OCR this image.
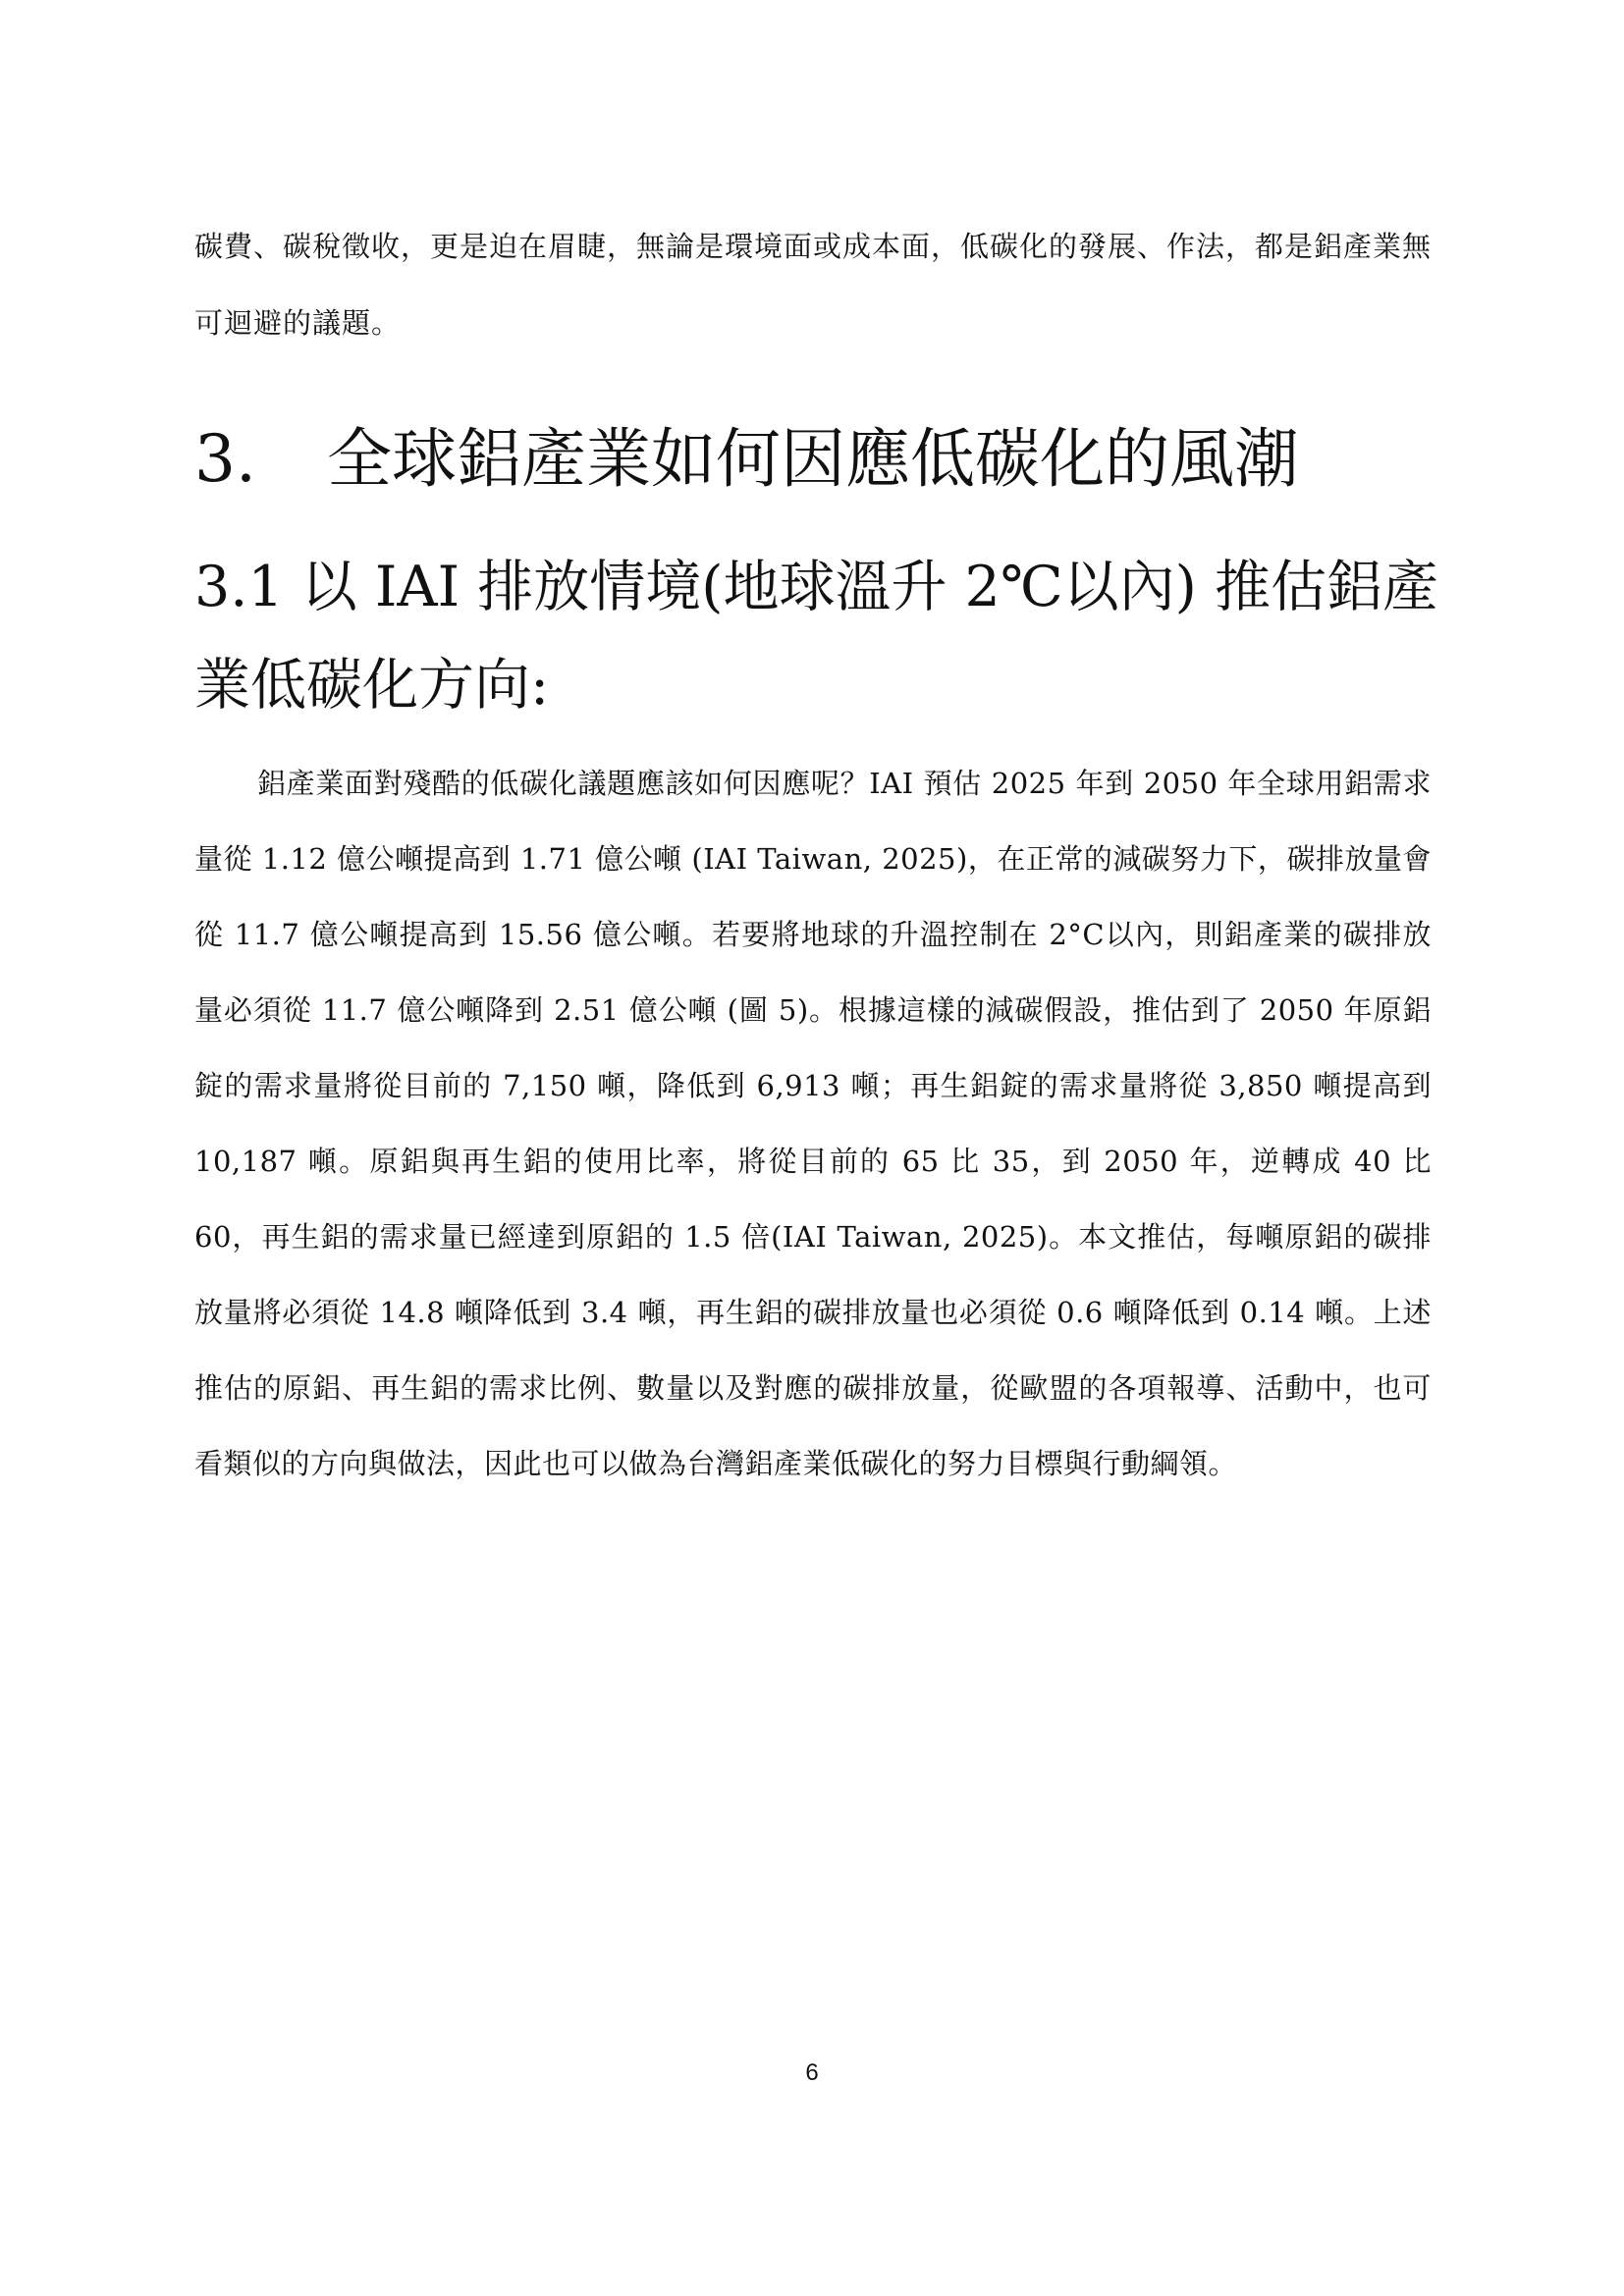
碳費、碳稅徵收，更是迫在眉睫，無論是環境面或成本面，低碳化的發展、作法，都是鋁產業無可迴避的議題。

3. 全球鋁產業如何因應低碳化的風潮
3.1 以 IAI 排放情境(地球溫升 2℃以內) 推估鋁產業低碳化方向:

鋁產業面對殘酷的低碳化議題應該如何因應呢？IAI 預估 2025 年到 2050 年全球用鋁需求量從 1.12 億公噸提高到 1.71 億公噸 (IAI Taiwan, 2025)，在正常的減碳努力下，碳排放量會從 11.7 億公噸提高到 15.56 億公噸。若要將地球的升溫控制在 2°C以內，則鋁產業的碳排放量必須從 11.7 億公噸降到 2.51 億公噸 (圖 5)。根據這樣的減碳假設，推估到了 2050 年原鋁錠的需求量將從目前的 7,150 噸，降低到 6,913 噸；再生鋁錠的需求量將從 3,850 噸提高到 10,187 噸。原鋁與再生鋁的使用比率，將從目前的 65 比 35，到 2050 年，逆轉成 40 比 60，再生鋁的需求量已經達到原鋁的 1.5 倍(IAI Taiwan, 2025)。本文推估，每噸原鋁的碳排放量將必須從 14.8 噸降低到 3.4 噸，再生鋁的碳排放量也必須從 0.6 噸降低到 0.14 噸。上述推估的原鋁、再生鋁的需求比例、數量以及對應的碳排放量，從歐盟的各項報導、活動中，也可看類似的方向與做法，因此也可以做為台灣鋁產業低碳化的努力目標與行動綱領。

6
